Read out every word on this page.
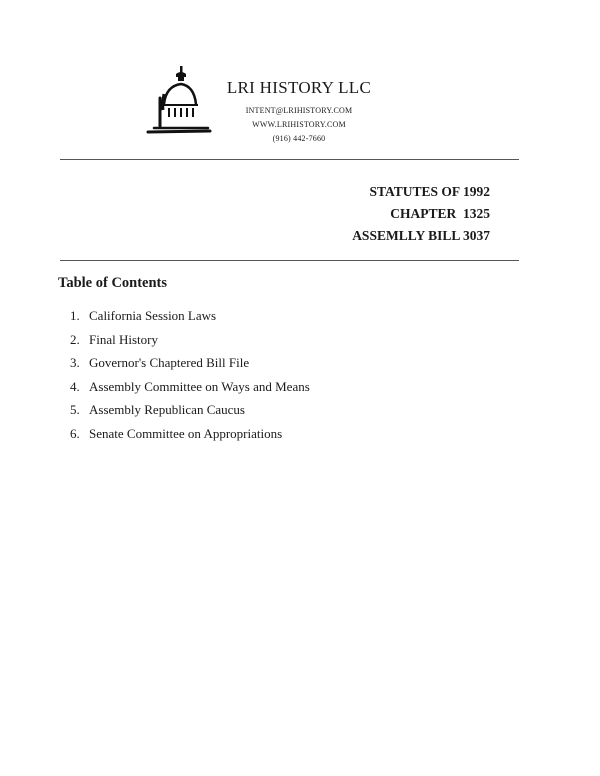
LRI HISTORY LLC
INTENT@LRIHISTORY.COM
WWW.LRIHISTORY.COM
(916) 442-7660
STATUTES OF 1992
CHAPTER  1325
ASSEMLLY BILL 3037
Table of Contents
1. California Session Laws
2. Final History
3. Governor's Chaptered Bill File
4. Assembly Committee on Ways and Means
5. Assembly Republican Caucus
6. Senate Committee on Appropriations
